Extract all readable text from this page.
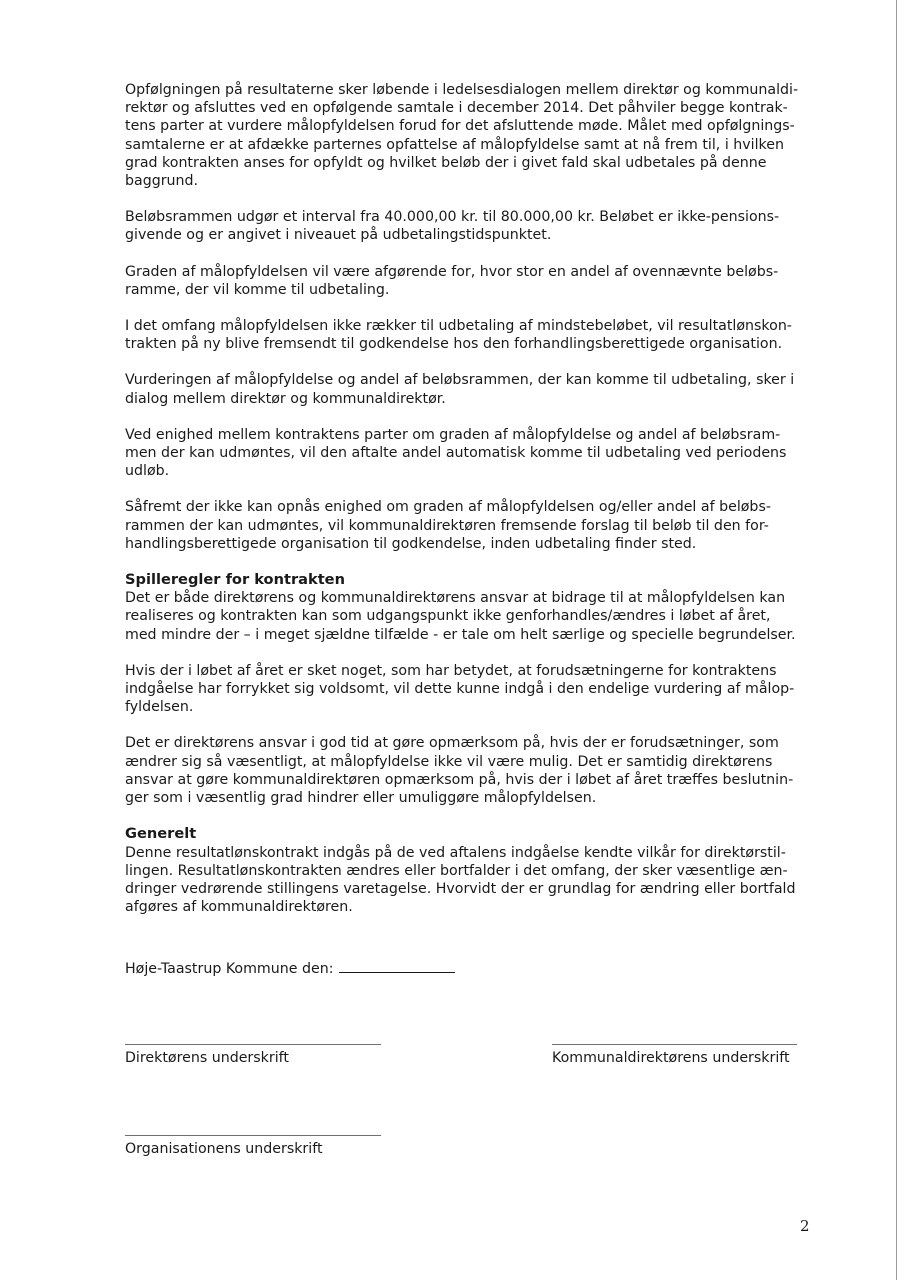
Opfølgningen på resultaterne sker løbende i ledelsesdialogen mellem direktør og kommunaldi-
rektør og afsluttes ved en opfølgende samtale i december 2014. Det påhviler begge kontrak-
tens parter at vurdere målopfyldelsen forud for det afsluttende møde. Målet med opfølgnings-
samtalerne er at afdække parternes opfattelse af målopfyldelse samt at nå frem til, i hvilken
grad kontrakten anses for opfyldt og hvilket beløb der i givet fald skal udbetales på denne
baggrund.

Beløbsrammen udgør et interval fra 40.000,00 kr. til 80.000,00 kr. Beløbet er ikke-pensions-
givende og er angivet i niveauet på udbetalingstidspunktet.

Graden af målopfyldelsen vil være afgørende for, hvor stor en andel af ovennævnte beløbs-
ramme, der vil komme til udbetaling.

I det omfang målopfyldelsen ikke rækker til udbetaling af mindstebeløbet, vil resultatlønskon-
trakten på ny blive fremsendt til godkendelse hos den forhandlingsberettigede organisation.

Vurderingen af målopfyldelse og andel af beløbsrammen, der kan komme til udbetaling, sker i
dialog mellem direktør og kommunaldirektør.

Ved enighed mellem kontraktens parter om graden af målopfyldelse og andel af beløbsram-
men der kan udmøntes, vil den aftalte andel automatisk komme til udbetaling ved periodens
udløb.

Såfremt der ikke kan opnås enighed om graden af målopfyldelsen og/eller andel af beløbs-
rammen der kan udmøntes, vil kommunaldirektøren fremsende forslag til beløb til den for-
handlingsberettigede organisation til godkendelse, inden udbetaling finder sted.

Spilleregler for kontrakten

Det er både direktørens og kommunaldirektørens ansvar at bidrage til at målopfyldelsen kan
realiseres og kontrakten kan som udgangspunkt ikke genforhandles/ændres i løbet af året,
med mindre der – i meget sjældne tilfælde - er tale om helt særlige og specielle begrundelser.

Hvis der i løbet af året er sket noget, som har betydet, at forudsætningerne for kontraktens
indgåelse har forrykket sig voldsomt, vil dette kunne indgå i den endelige vurdering af målop-
fyldelsen.

Det er direktørens ansvar i god tid at gøre opmærksom på, hvis der er forudsætninger, som
ændrer sig så væsentligt, at målopfyldelse ikke vil være mulig. Det er samtidig direktørens
ansvar at gøre kommunaldirektøren opmærksom på, hvis der i løbet af året træffes beslutnin-
ger som i væsentlig grad hindrer eller umuliggøre målopfyldelsen.

Generelt

Denne resultatlønskontrakt indgås på de ved aftalens indgåelse kendte vilkår for direktørstil-
lingen. Resultatlønskontrakten ændres eller bortfalder i det omfang, der sker væsentlige æn-
dringer vedrørende stillingens varetagelse. Hvorvidt der er grundlag for ændring eller bortfald
afgøres af kommunaldirektøren.

Høje-Taastrup Kommune den:
Direktørens underskrift	Kommunaldirektørens underskrift
Organisationens underskrift
2
